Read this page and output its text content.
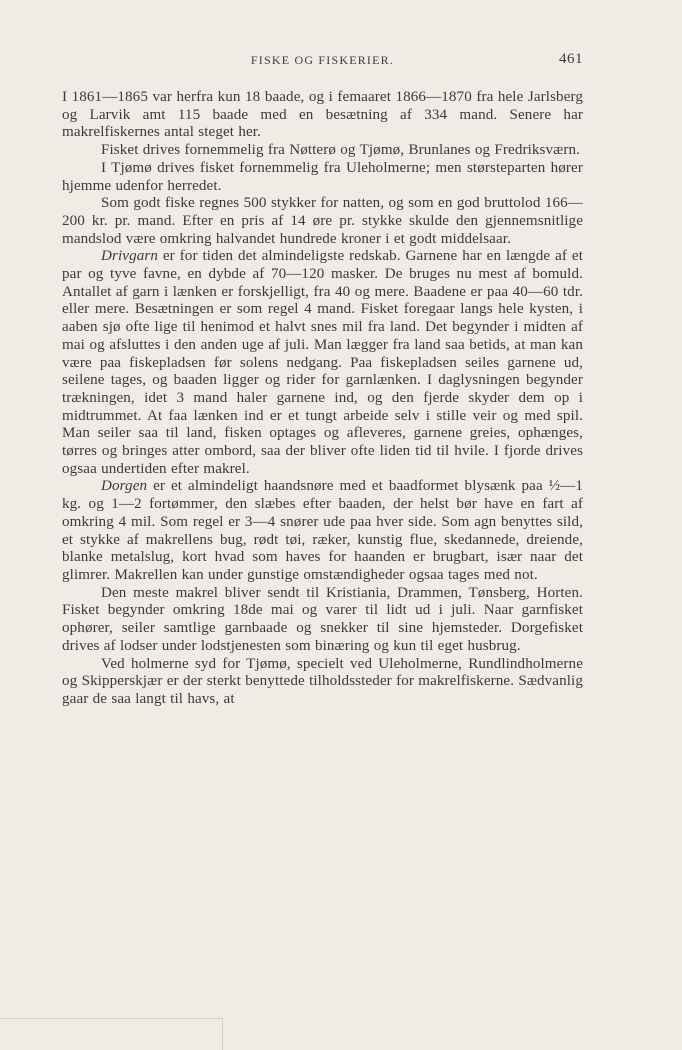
FISKE OG FISKERIER.	461

I 1861—1865 var herfra kun 18 baade, og i femaaret 1866—1870 fra hele Jarlsberg og Larvik amt 115 baade med en besætning af 334 mand. Senere har makrelfiskernes antal steget her.

Fisket drives fornemmelig fra Nøtterø og Tjømø, Brunlanes og Fredriksværn.

I Tjømø drives fisket fornemmelig fra Uleholmerne; men størsteparten hører hjemme udenfor herredet.

Som godt fiske regnes 500 stykker for natten, og som en god bruttolod 166—200 kr. pr. mand. Efter en pris af 14 øre pr. stykke skulde den gjennemsnitlige mandslod være omkring halvandet hundrede kroner i et godt middelsaar.

Drivgarn er for tiden det almindeligste redskab. Garnene har en længde af et par og tyve favne, en dybde af 70—120 masker. De bruges nu mest af bomuld. Antallet af garn i lænken er forskjelligt, fra 40 og mere. Baadene er paa 40—60 tdr. eller mere. Besætningen er som regel 4 mand. Fisket foregaar langs hele kysten, i aaben sjø ofte lige til henimod et halvt snes mil fra land. Det begynder i midten af mai og afsluttes i den anden uge af juli. Man lægger fra land saa betids, at man kan være paa fiskepladsen før solens nedgang. Paa fiskepladsen seiles garnene ud, seilene tages, og baaden ligger og rider for garnlænken. I daglysningen begynder trækningen, idet 3 mand haler garnene ind, og den fjerde skyder dem op i midtrummet. At faa lænken ind er et tungt arbeide selv i stille veir og med spil. Man seiler saa til land, fisken optages og afleveres, garnene greies, ophænges, tørres og bringes atter ombord, saa der bliver ofte liden tid til hvile. I fjorde drives ogsaa undertiden efter makrel.

Dorgen er et almindeligt haandsnøre med et baadformet blysænk paa ½—1 kg. og 1—2 fortømmer, den slæbes efter baaden, der helst bør have en fart af omkring 4 mil. Som regel er 3—4 snører ude paa hver side. Som agn benyttes sild, et stykke af makrellens bug, rødt tøi, ræker, kunstig flue, skedannede, dreiende, blanke metalslug, kort hvad som haves for haanden er brugbart, især naar det glimrer. Makrellen kan under gunstige omstændigheder ogsaa tages med not.

Den meste makrel bliver sendt til Kristiania, Drammen, Tønsberg, Horten. Fisket begynder omkring 18de mai og varer til lidt ud i juli. Naar garnfisket ophører, seiler samtlige garnbaade og snekker til sine hjemsteder. Dorgefisket drives af lodser under lodstjenesten som binæring og kun til eget husbrug.

Ved holmerne syd for Tjømø, specielt ved Uleholmerne, Rundlindholmerne og Skipperskjær er der sterkt benyttede tilholdssteder for makrelfiskerne. Sædvanlig gaar de saa langt til havs, at
